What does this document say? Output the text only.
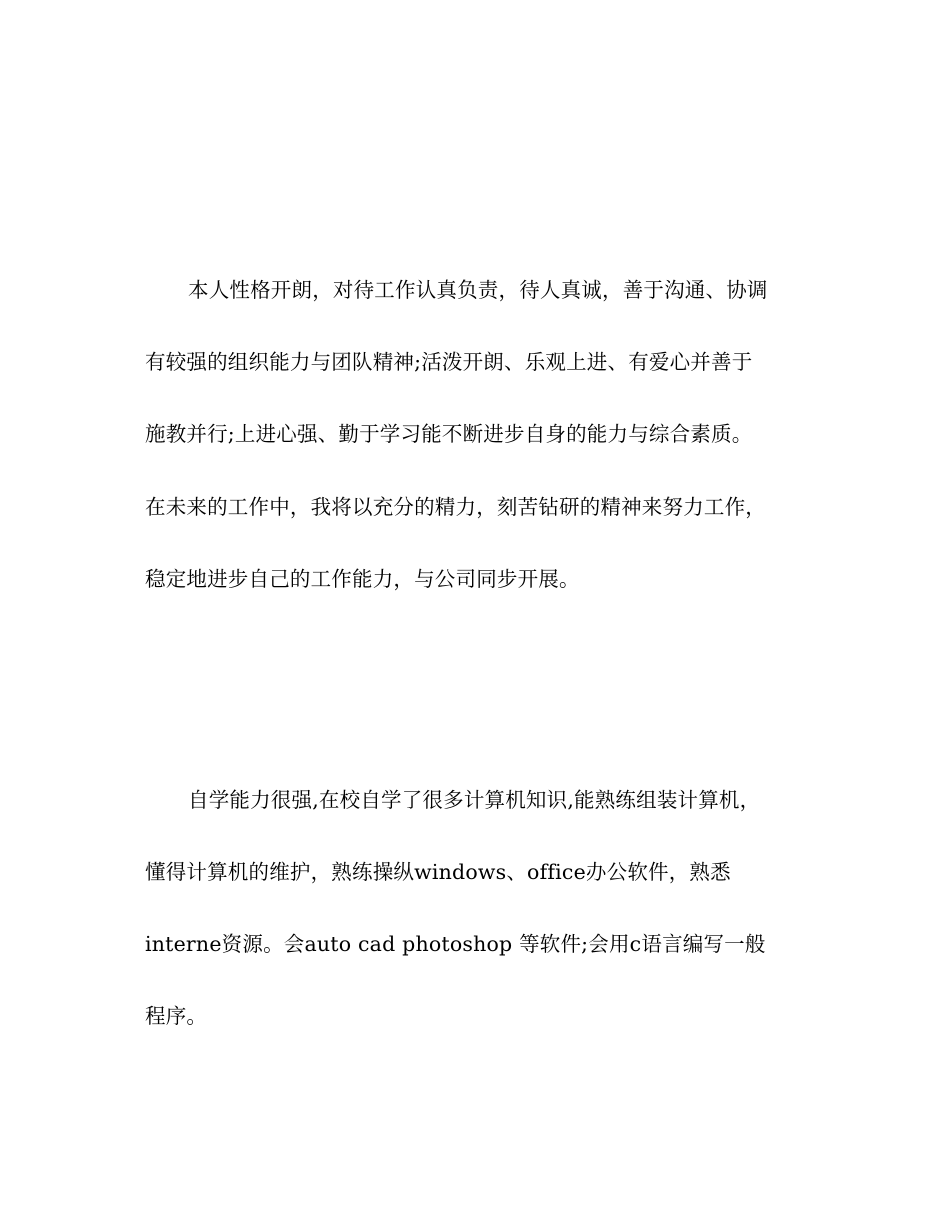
本人性格开朗，对待工作认真负责，待人真诚，善于沟通、协调
有较强的组织能力与团队精神;活泼开朗、乐观上进、有爱心并善于
施教并行;上进心强、勤于学习能不断进步自身的能力与综合素质。
在未来的工作中，我将以充分的精力，刻苦钻研的精神来努力工作，
稳定地进步自己的工作能力，与公司同步开展。
自学能力很强,在校自学了很多计算机知识,能熟练组装计算机，
懂得计算机的维护，熟练操纵windows、office办公软件，熟悉
interne资源。会auto cad photoshop 等软件;会用c语言编写一般
程序。
